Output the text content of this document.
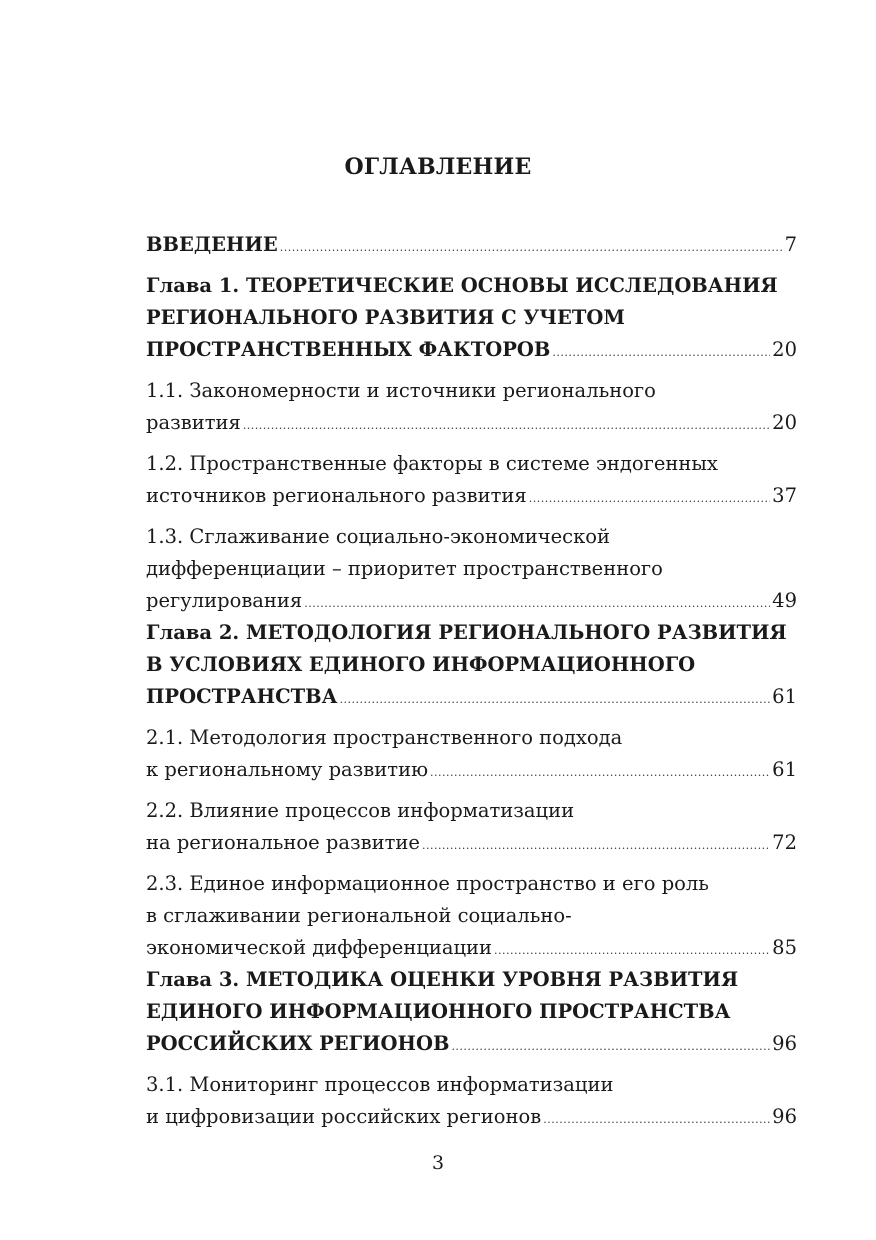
ОГЛАВЛЕНИЕ
ВВЕДЕНИЕ .....	7
Глава 1. ТЕОРЕТИЧЕСКИЕ ОСНОВЫ ИССЛЕДОВАНИЯ
РЕГИОНАЛЬНОГО РАЗВИТИЯ С УЧЕТОМ
ПРОСТРАНСТВЕННЫХ ФАКТОРОВ .....	20
1.1. Закономерности и источники регионального
развития .....	20
1.2. Пространственные факторы в системе эндогенных
источников регионального развития .....	37
1.3. Сглаживание социально-экономической
дифференциации – приоритет пространственного
регулирования .....	49
Глава 2. МЕТОДОЛОГИЯ РЕГИОНАЛЬНОГО РАЗВИТИЯ
В УСЛОВИЯХ ЕДИНОГО ИНФОРМАЦИОННОГО
ПРОСТРАНСТВА .....	61
2.1. Методология пространственного подхода
к региональному развитию .....	61
2.2. Влияние процессов информатизации
на региональное развитие .....	72
2.3. Единое информационное пространство и его роль
в сглаживании региональной социально-
экономической дифференциации .....	85
Глава 3. МЕТОДИКА ОЦЕНКИ УРОВНЯ РАЗВИТИЯ
ЕДИНОГО ИНФОРМАЦИОННОГО ПРОСТРАНСТВА
РОССИЙСКИХ РЕГИОНОВ .....	96
3.1. Мониторинг процессов информатизации
и цифровизации российских регионов .....	96
3
